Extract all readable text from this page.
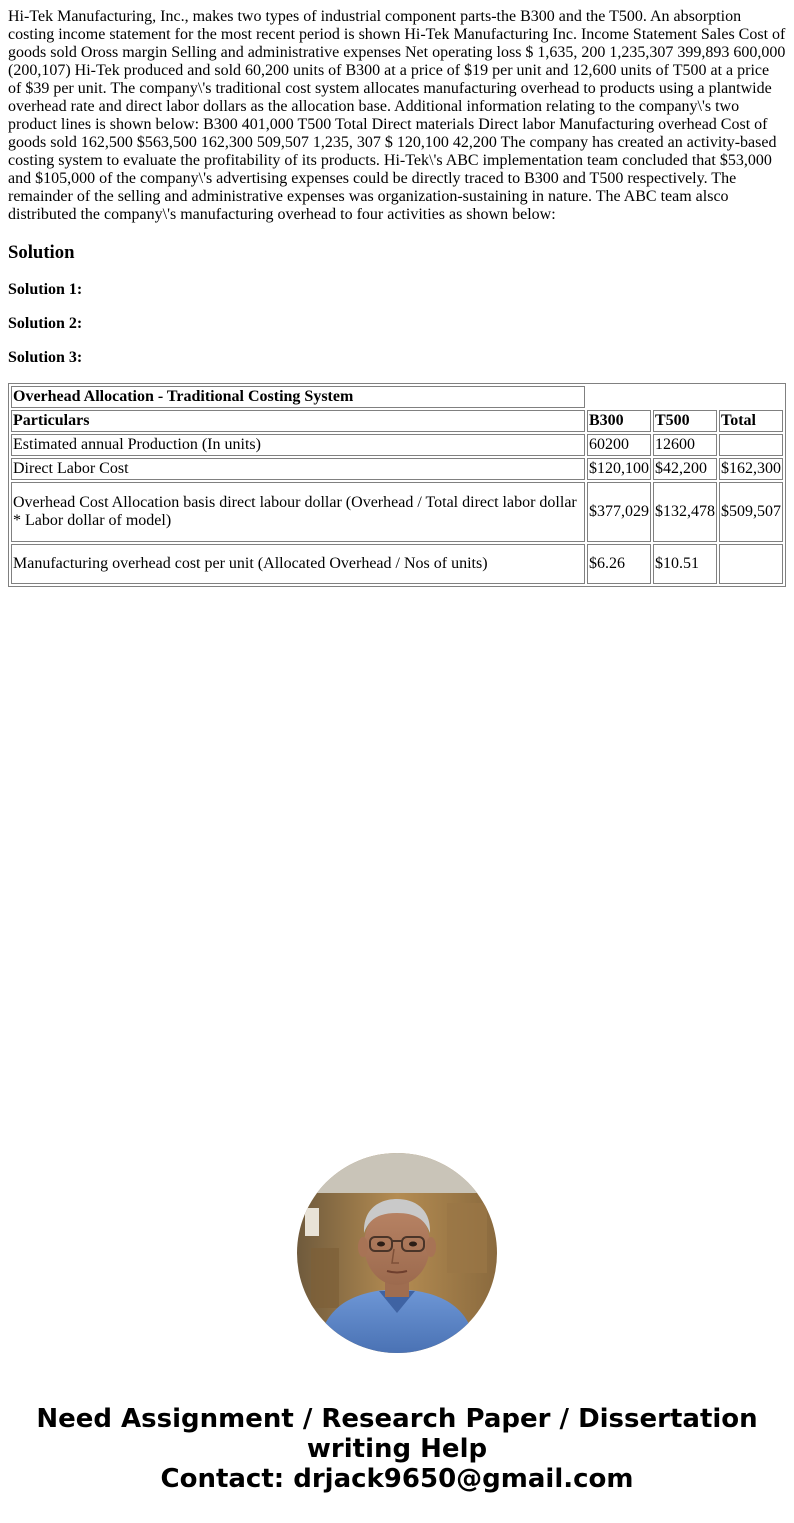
Hi-Tek Manufacturing, Inc., makes two types of industrial component parts-the B300 and the T500. An absorption costing income statement for the most recent period is shown Hi-Tek Manufacturing Inc. Income Statement Sales Cost of goods sold Oross margin Selling and administrative expenses Net operating loss $ 1,635, 200 1,235,307 399,893 600,000 (200,107) Hi-Tek produced and sold 60,200 units of B300 at a price of $19 per unit and 12,600 units of T500 at a price of $39 per unit. The company\'s traditional cost system allocates manufacturing overhead to products using a plantwide overhead rate and direct labor dollars as the allocation base. Additional information relating to the company\'s two product lines is shown below: B300 401,000 T500 Total Direct materials Direct labor Manufacturing overhead Cost of goods sold 162,500 $563,500 162,300 509,507 1,235, 307 $ 120,100 42,200 The company has created an activity-based costing system to evaluate the profitability of its products. Hi-Tek\'s ABC implementation team concluded that $53,000 and $105,000 of the company\'s advertising expenses could be directly traced to B300 and T500 respectively. The remainder of the selling and administrative expenses was organization-sustaining in nature. The ABC team alsco distributed the company\'s manufacturing overhead to four activities as shown below:

Solution
Solution 1:
Solution 2:
Solution 3:
Overhead Allocation - Traditional Costing System			
Particulars	B300	T500	Total
Estimated annual Production (In units)	60200	12600	
Direct Labor Cost	$120,100	$42,200	$162,300
Overhead Cost Allocation basis direct labour dollar (Overhead / Total direct labor dollar * Labor dollar of model)	$377,029	$132,478	$509,507
Manufacturing overhead cost per unit (Allocated Overhead / Nos of units)	$6.26	$10.51	
Need Assignment / Research Paper / Dissertation
writing Help
Contact: drjack9650@gmail.com
